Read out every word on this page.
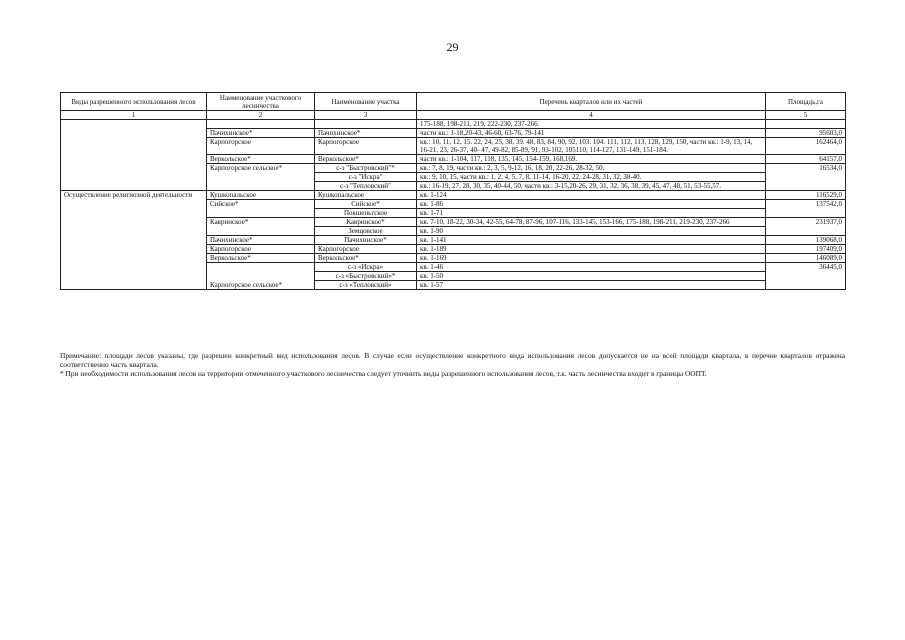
29
Виды разрешенного использования лесов	Наименование участкового лесничества	Наименование участка	Перечень кварталов или их частей	Площадь,га
1	2	3	4	5
			175-188, 198-211, 219, 222-230, 237-266.	
	Пачихинское*	Пачихинское*	части кв.: 1-18,20-43, 46-60, 63-76, 79-141	95603,0
	Карпогорское	Карпогорское	кв.: 10, 11, 12, 15. 22, 24, 25, 38, 39. 48, 83, 84, 90, 92, 103. 104. 111, 112, 113, 128, 129, 150, части кв.: 1-9, 13, 14, 16-21, 23, 26-37, 40- 47, 49-82, 85-89, 91, 93-102, 105110, 114-127, 131-149, 151-184.	162464,0
	Веркольское*	Веркольское*	части кв.: 1-104, 117, 118, 135, 145, 154-159, 168,169.	64157,0
	Карпогорское сельское*	с-з "Быстровский"*	кв.: 7, 8, 19, части кв.: 2, 3, 5, 9-12, 16, 18, 20, 22-26, 28-32, 50.	16534,0
		с-з "Искра"	кв.: 9, 10, 15, части кв.: 1, 2, 4, 5, 7, 8, 11-14, 16-20, 22, 24-28, 31, 32, 38-40.	
		с-з "Тепловский"	кв.: 16-19, 27, 28, 30, 35, 40-44, 50, части кв.: 3-15,20-26, 29, 31, 32, 36, 38, 39, 45, 47, 48, 51, 53-55,57.	
Осуществление религиозной деятельности	Кушкопальское	Кушкопальское	кв. 1-124	116529,0
	Сийское*	Сийское*	кв. 1-86	137542,0
		Покшеньгское	кв. 1-71	
	Кавринское*	Кавринское*	кв. 7-10, 18-22, 30-34, 42-55, 64-78, 87-96, 107-116, 133-145, 153-166, 175-188, 198-211, 219-230, 237-266	231937,0
		Земцовское	кв. 1-90	
	Пачихинское*	Пачихинское*	кв. 1-141	139068,0
	Карпогорское	Карпогорское	кв. 1-189	197409,0
	Веркольское*	Веркольское*	кв. 1-169	146089,0
	Карпогорское сельское*	с-з «Искра»	кв. 1-46	36445,0
		с-з «Быстровский»*	кв. 1-50	
		с-з «Тепловский»	кв. 1-57	

Примечание: площади лесов указаны, где разрешен конкретный вид использования лесов. В случае если осуществление конкретного вида использования лесов допускается не на всей площади квартала, в перечне кварталов отражена соответственно часть квартала.

* При необходимости использования лесов на территории отмеченного участкового лесничества следует уточнить виды разрешенного использования лесов, т.к. часть лесничества входит в границы ООПТ.
